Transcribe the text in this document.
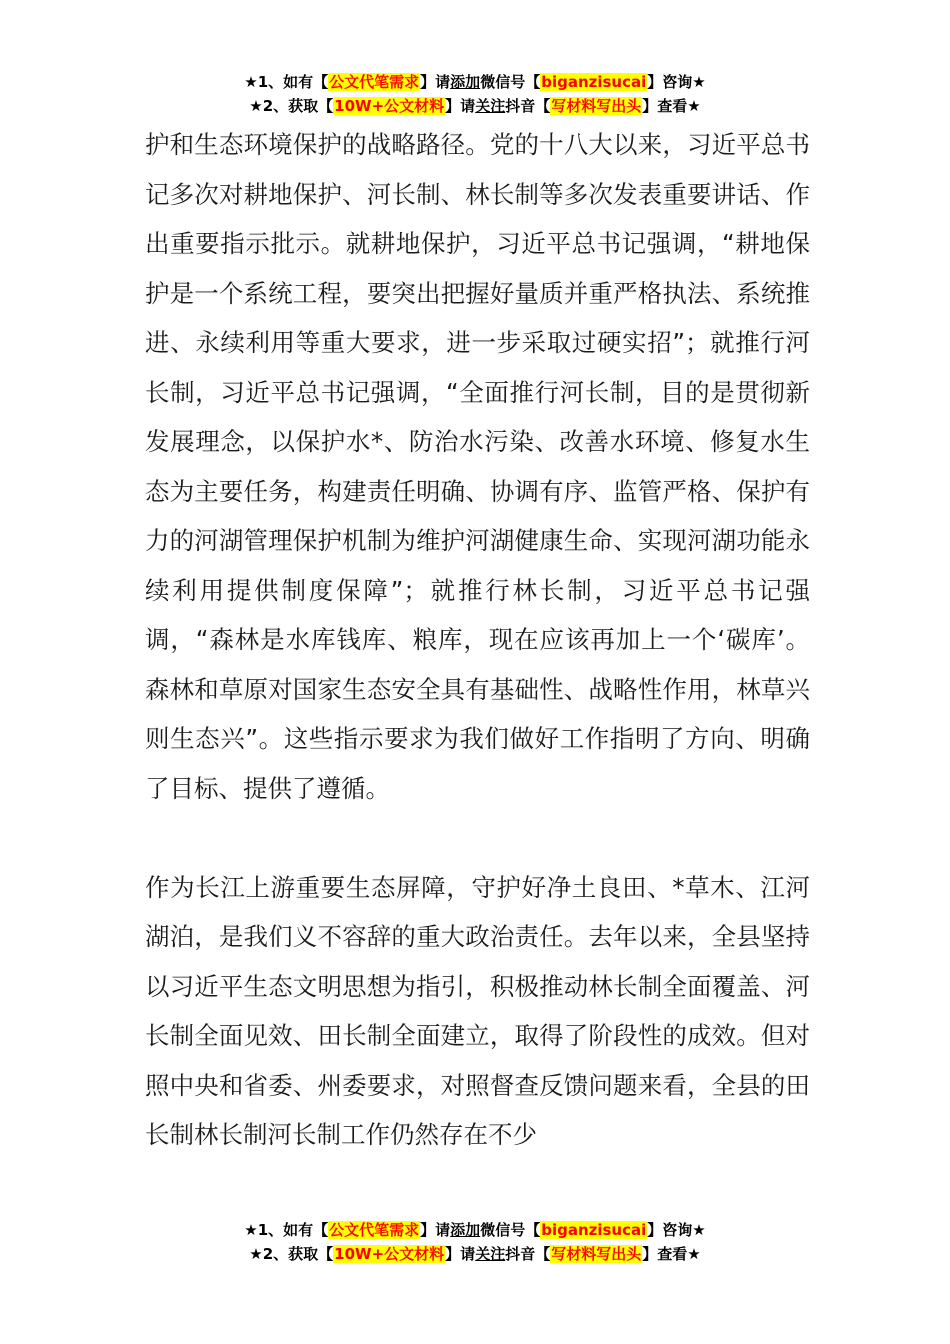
★1、如有【公文代笔需求】请添加微信号【biganzisucai】咨询★
★2、获取【10W+公文材料】请关注抖音【写材料写出头】查看★

护和生态环境保护的战略路径。党的十八大以来，习近平总书记多次对耕地保护、河长制、林长制等多次发表重要讲话、作出重要指示批示。就耕地保护，习近平总书记强调，“耕地保护是一个系统工程，要突出把握好量质并重严格执法、系统推进、永续利用等重大要求，进一步采取过硬实招”；就推行河长制，习近平总书记强调，“全面推行河长制，目的是贯彻新发展理念，以保护水*、防治水污染、改善水环境、修复水生态为主要任务，构建责任明确、协调有序、监管严格、保护有力的河湖管理保护机制为维护河湖健康生命、实现河湖功能永续利用提供制度保障”；就推行林长制，习近平总书记强调，“森林是水库钱库、粮库，现在应该再加上一个‘碳库’。森林和草原对国家生态安全具有基础性、战略性作用，林草兴则生态兴”。这些指示要求为我们做好工作指明了方向、明确了目标、提供了遵循。

作为长江上游重要生态屏障，守护好净土良田、*草木、江河湖泊，是我们义不容辞的重大政治责任。去年以来，全县坚持以习近平生态文明思想为指引，积极推动林长制全面覆盖、河长制全面见效、田长制全面建立，取得了阶段性的成效。但对照中央和省委、州委要求，对照督查反馈问题来看，全县的田长制林长制河长制工作仍然存在不少

★1、如有【公文代笔需求】请添加微信号【biganzisucai】咨询★
★2、获取【10W+公文材料】请关注抖音【写材料写出头】查看★
